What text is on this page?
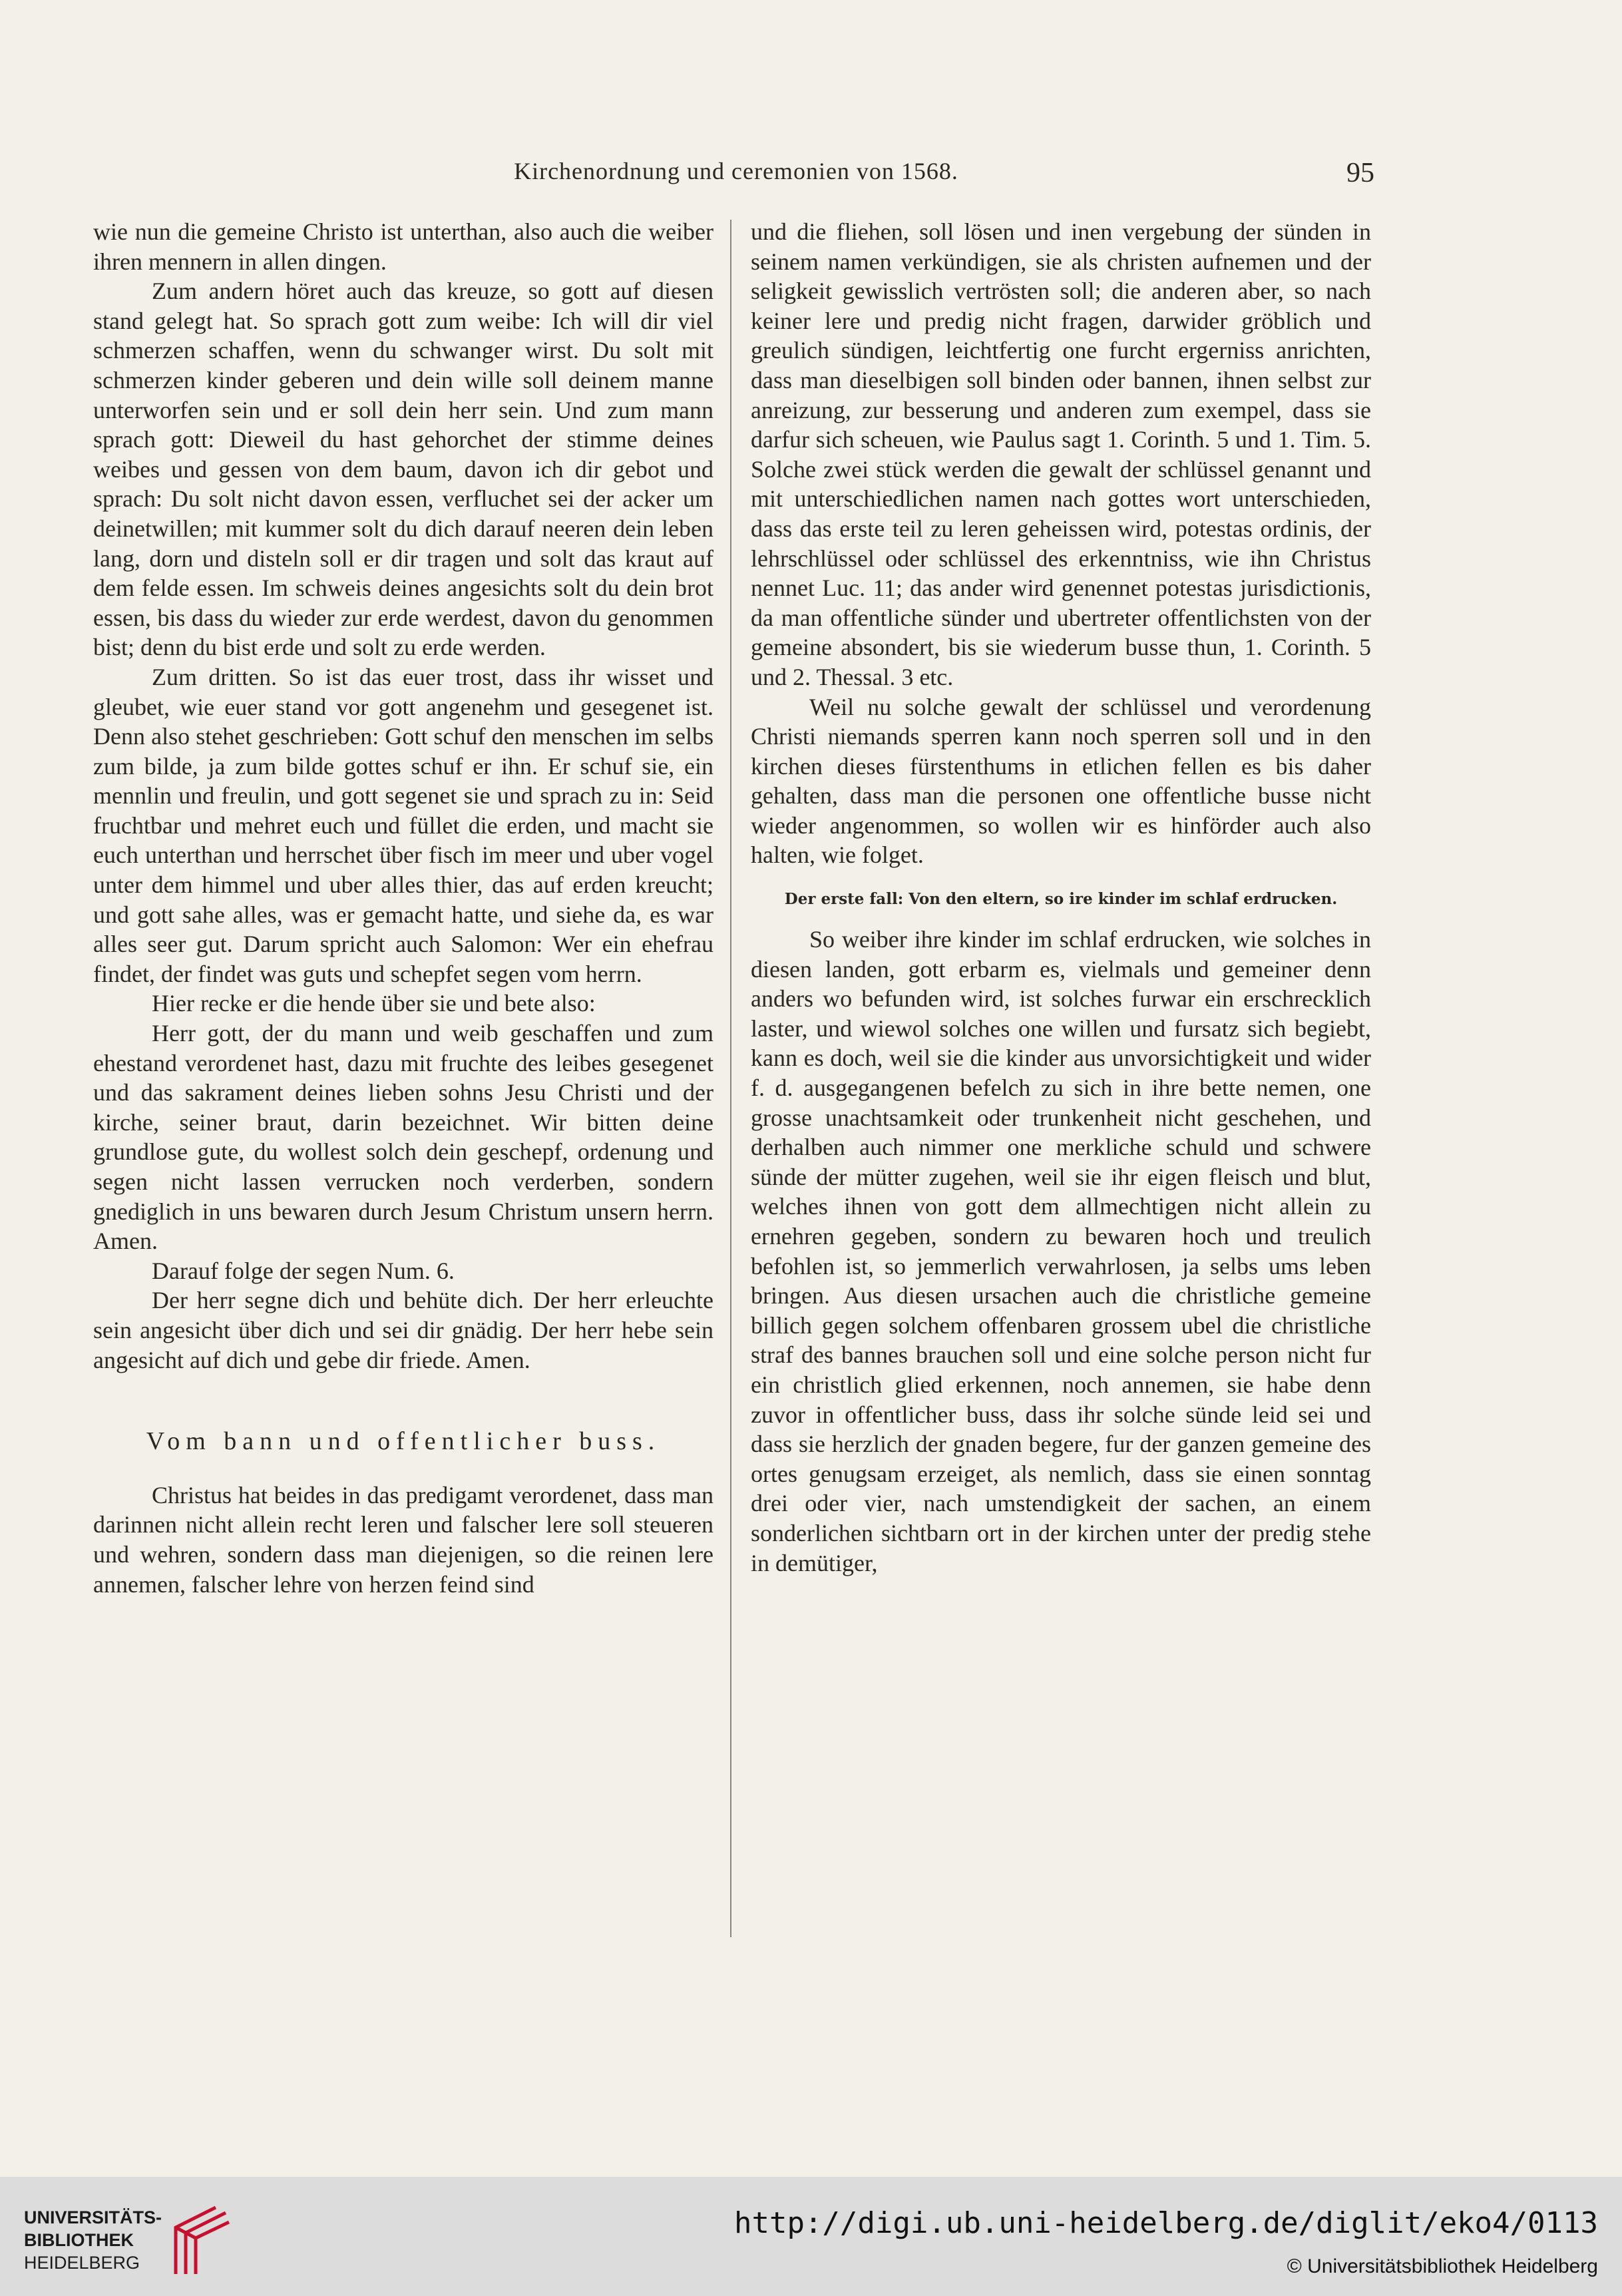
Kirchenordnung und ceremonien von 1568.	95

wie nun die gemeine Christo ist unterthan, also auch die weiber ihren mennern in allen dingen.

Zum andern höret auch das kreuze, so gott auf diesen stand gelegt hat. So sprach gott zum weibe: Ich will dir viel schmerzen schaffen, wenn du schwanger wirst. Du solt mit schmerzen kinder geberen und dein wille soll deinem manne unterworfen sein und er soll dein herr sein. Und zum mann sprach gott: Dieweil du hast gehorchet der stimme deines weibes und gessen von dem baum, davon ich dir gebot und sprach: Du solt nicht davon essen, verfluchet sei der acker um deinetwillen; mit kummer solt du dich darauf neeren dein leben lang, dorn und disteln soll er dir tragen und solt das kraut auf dem felde essen. Im schweis deines angesichts solt du dein brot essen, bis dass du wieder zur erde werdest, davon du genommen bist; denn du bist erde und solt zu erde werden.

Zum dritten. So ist das euer trost, dass ihr wisset und gleubet, wie euer stand vor gott angenehm und gesegenet ist. Denn also stehet geschrieben: Gott schuf den menschen im selbs zum bilde, ja zum bilde gottes schuf er ihn. Er schuf sie, ein mennlin und freulin, und gott segenet sie und sprach zu in: Seid fruchtbar und mehret euch und füllet die erden, und macht sie euch unterthan und herrschet über fisch im meer und uber vogel unter dem himmel und uber alles thier, das auf erden kreucht; und gott sahe alles, was er gemacht hatte, und siehe da, es war alles seer gut. Darum spricht auch Salomon: Wer ein ehefrau findet, der findet was guts und schepfet segen vom herrn.

Hier recke er die hende über sie und bete also:

Herr gott, der du mann und weib geschaffen und zum ehestand verordenet hast, dazu mit fruchte des leibes gesegenet und das sakrament deines lieben sohns Jesu Christi und der kirche, seiner braut, darin bezeichnet. Wir bitten deine grundlose gute, du wollest solch dein geschepf, ordenung und segen nicht lassen verrucken noch verderben, sondern gnediglich in uns bewaren durch Jesum Christum unsern herrn. Amen.

Darauf folge der segen Num. 6.

Der herr segne dich und behüte dich. Der herr erleuchte sein angesicht über dich und sei dir gnädig. Der herr hebe sein angesicht auf dich und gebe dir friede. Amen.

Vom bann und offentlicher buss.

Christus hat beides in das predigamt verordenet, dass man darinnen nicht allein recht leren und falscher lere soll steueren und wehren, sondern dass man diejenigen, so die reinen lere annemen, falscher lehre von herzen feind sind

und die fliehen, soll lösen und inen vergebung der sünden in seinem namen verkündigen, sie als christen aufnemen und der seligkeit gewisslich vertrösten soll; die anderen aber, so nach keiner lere und predig nicht fragen, darwider gröblich und greulich sündigen, leichtfertig one furcht ergerniss anrichten, dass man dieselbigen soll binden oder bannen, ihnen selbst zur anreizung, zur besserung und anderen zum exempel, dass sie darfur sich scheuen, wie Paulus sagt 1. Corinth. 5 und 1. Tim. 5. Solche zwei stück werden die gewalt der schlüssel genannt und mit unterschiedlichen namen nach gottes wort unterschieden, dass das erste teil zu leren geheissen wird, potestas ordinis, der lehrschlüssel oder schlüssel des erkenntniss, wie ihn Christus nennet Luc. 11; das ander wird genennet potestas jurisdictionis, da man offentliche sünder und ubertreter offentlichsten von der gemeine absondert, bis sie wiederum busse thun, 1. Corinth. 5 und 2. Thessal. 3 etc.

Weil nu solche gewalt der schlüssel und verordenung Christi niemands sperren kann noch sperren soll und in den kirchen dieses fürstenthums in etlichen fellen es bis daher gehalten, dass man die personen one offentliche busse nicht wieder angenommen, so wollen wir es hinförder auch also halten, wie folget.

Der erste fall: Von den eltern, so ire kinder im schlaf erdrucken.

So weiber ihre kinder im schlaf erdrucken, wie solches in diesen landen, gott erbarm es, vielmals und gemeiner denn anders wo befunden wird, ist solches furwar ein erschrecklich laster, und wiewol solches one willen und fursatz sich begiebt, kann es doch, weil sie die kinder aus unvorsichtigkeit und wider f. d. ausgegangenen befelch zu sich in ihre bette nemen, one grosse unachtsamkeit oder trunkenheit nicht geschehen, und derhalben auch nimmer one merkliche schuld und schwere sünde der mütter zugehen, weil sie ihr eigen fleisch und blut, welches ihnen von gott dem allmechtigen nicht allein zu ernehren gegeben, sondern zu bewaren hoch und treulich befohlen ist, so jemmerlich verwahrlosen, ja selbs ums leben bringen. Aus diesen ursachen auch die christliche gemeine billich gegen solchem offenbaren grossem ubel die christliche straf des bannes brauchen soll und eine solche person nicht fur ein christlich glied erkennen, noch annemen, sie habe denn zuvor in offentlicher buss, dass ihr solche sünde leid sei und dass sie herzlich der gnaden begere, fur der ganzen gemeine des ortes genugsam erzeiget, als nemlich, dass sie einen sonntag drei oder vier, nach umstendigkeit der sachen, an einem sonderlichen sichtbarn ort in der kirchen unter der predig stehe in demütiger,

UNIVERSITÄTS-
BIBLIOTHEK
HEIDELBERG
http://digi.ub.uni-heidelberg.de/diglit/eko4/0113
© Universitätsbibliothek Heidelberg
